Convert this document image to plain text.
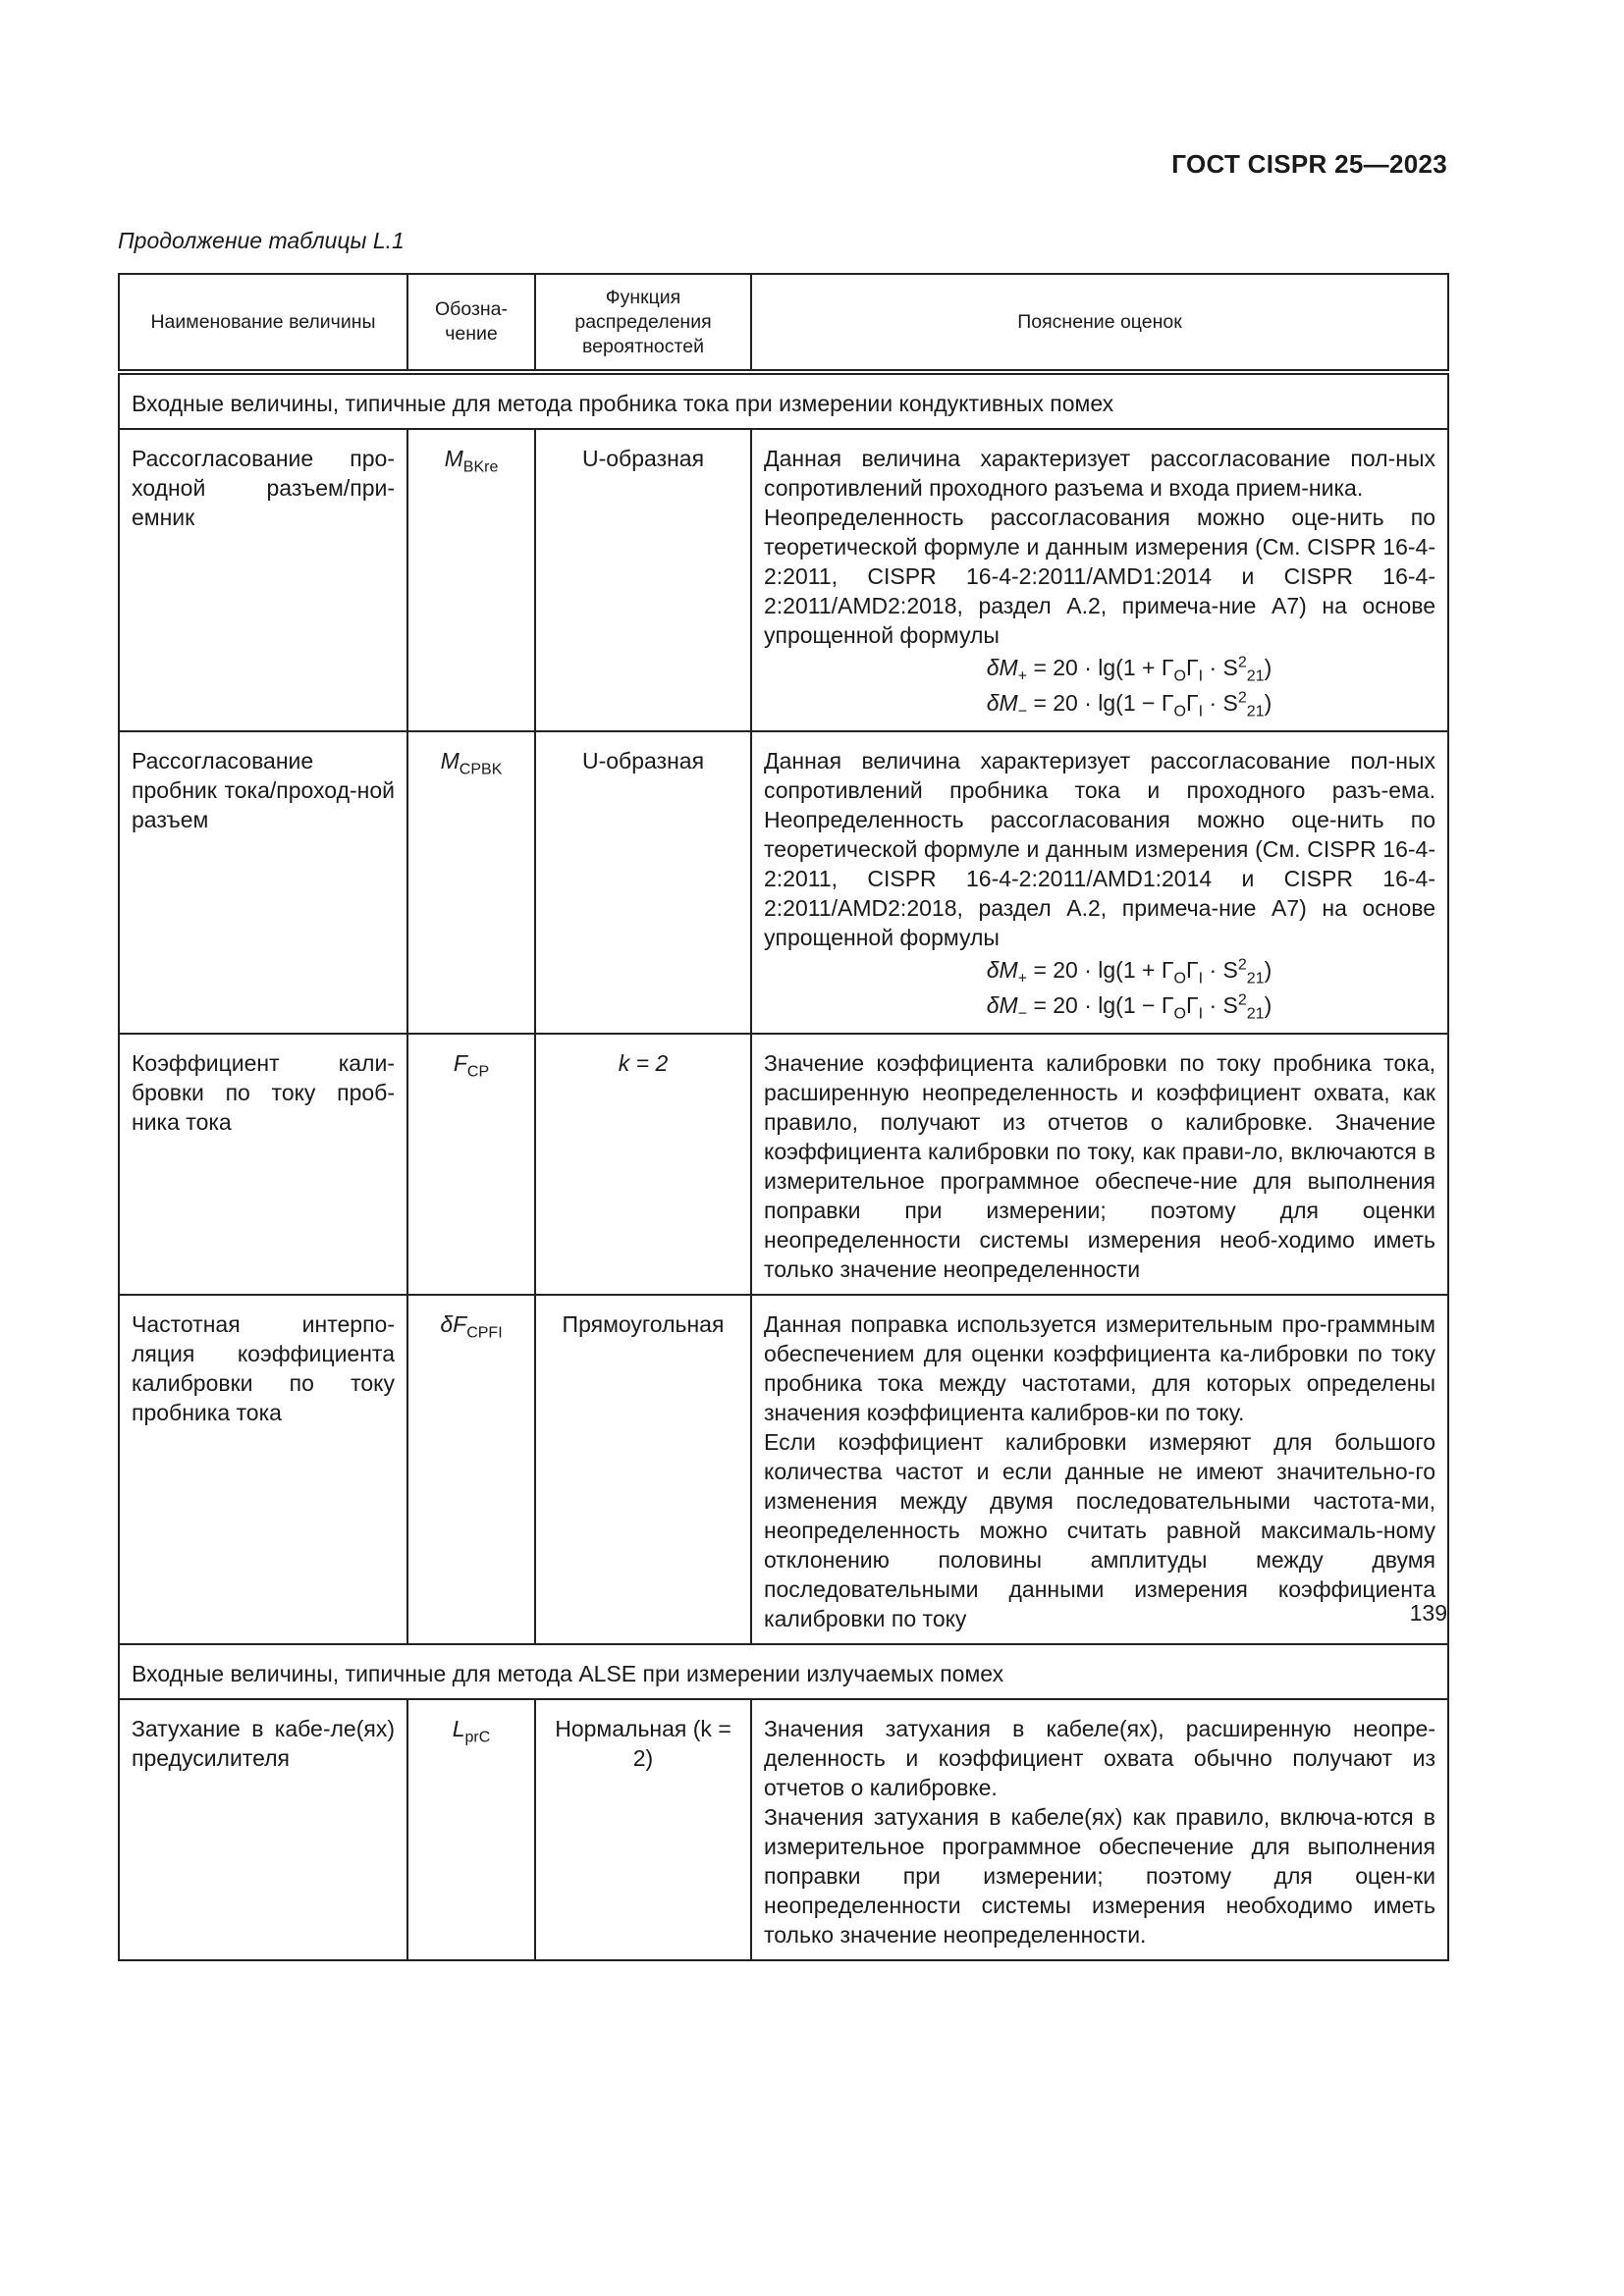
ГОСТ CISPR 25—2023
Продолжение таблицы L.1
Наименование величины	Обозна-чение	Функция распределения вероятностей	Пояснение оценок
Входные величины, типичные для метода пробника тока при измерении кондуктивных помех			
Рассогласование про-ходной разъем/при-емник	$M_{BKre}$	U-образная	Данная величина характеризует рассогласование пол-ных сопротивлений проходного разъема и входа прием-ника.
Неопределенность рассогласования можно оце-нить по теоретической формуле и данным измерения (См. CISPR 16-4-2:2011, CISPR 16-4-2:2011/AMD1:2014 и CISPR 16-4-2:2011/AMD2:2018, раздел A.2, примеча-ние A7) на основе упрощенной формулы
$\delta M_+ = 20 \cdot \lg(1 + \Gamma_O\Gamma_I \cdot S^2_{21})$
$\delta M_- = 20 \cdot \lg(1 - \Gamma_O\Gamma_I \cdot S^2_{21})$

Рассогласование пробник тока/проход-ной разъем	$M_{CPBK}$	U-образная	Данная величина характеризует рассогласование пол-ных сопротивлений пробника тока и проходного разъ-ема. Неопределенность рассогласования можно оце-нить по теоретической формуле и данным измерения (См. CISPR 16-4-2:2011, CISPR 16-4-2:2011/AMD1:2014 и CISPR 16-4-2:2011/AMD2:2018, раздел A.2, примеча-ние A7) на основе упрощенной формулы
$\delta M_+ = 20 \cdot \lg(1 + \Gamma_O\Gamma_I \cdot S^2_{21})$
$\delta M_- = 20 \cdot \lg(1 - \Gamma_O\Gamma_I \cdot S^2_{21})$

Коэффициент кали-бровки по току проб-ника тока	$F_{CP}$	k = 2	Значение коэффициента калибровки по току пробника тока, расширенную неопределенность и коэффициент охвата, как правило, получают из отчетов о калибровке. Значение коэффициента калибровки по току, как прави-ло, включаются в измерительное программное обеспече-ние для выполнения поправки при измерении; поэтому для оценки неопределенности системы измерения необ-ходимо иметь только значение неопределенности

Частотная интерпо-ляция коэффициента калибровки по току пробника тока	$\delta F_{CPFI}$	Прямоугольная	Данная поправка используется измерительным про-граммным обеспечением для оценки коэффициента ка-либровки по току пробника тока между частотами, для которых определены значения коэффициента калибров-ки по току.
Если коэффициент калибровки измеряют для большого количества частот и если данные не имеют значительно-го изменения между двумя последовательными частота-ми, неопределенность можно считать равной максималь-ному отклонению половины амплитуды между двумя последовательными данными измерения коэффициента калибровки по току

Входные величины, типичные для метода ALSE при измерении излучаемых помех			
Затухание в кабе-ле(ях) предусилителя	$L_{prC}$	Нормальная (k = 2)	Значения затухания в кабеле(ях), расширенную неопре-деленность и коэффициент охвата обычно получают из отчетов о калибровке.
Значения затухания в кабеле(ях) как правило, включа-ются в измерительное программное обеспечение для выполнения поправки при измерении; поэтому для оцен-ки неопределенности системы измерения необходимо иметь только значение неопределенности.
139
